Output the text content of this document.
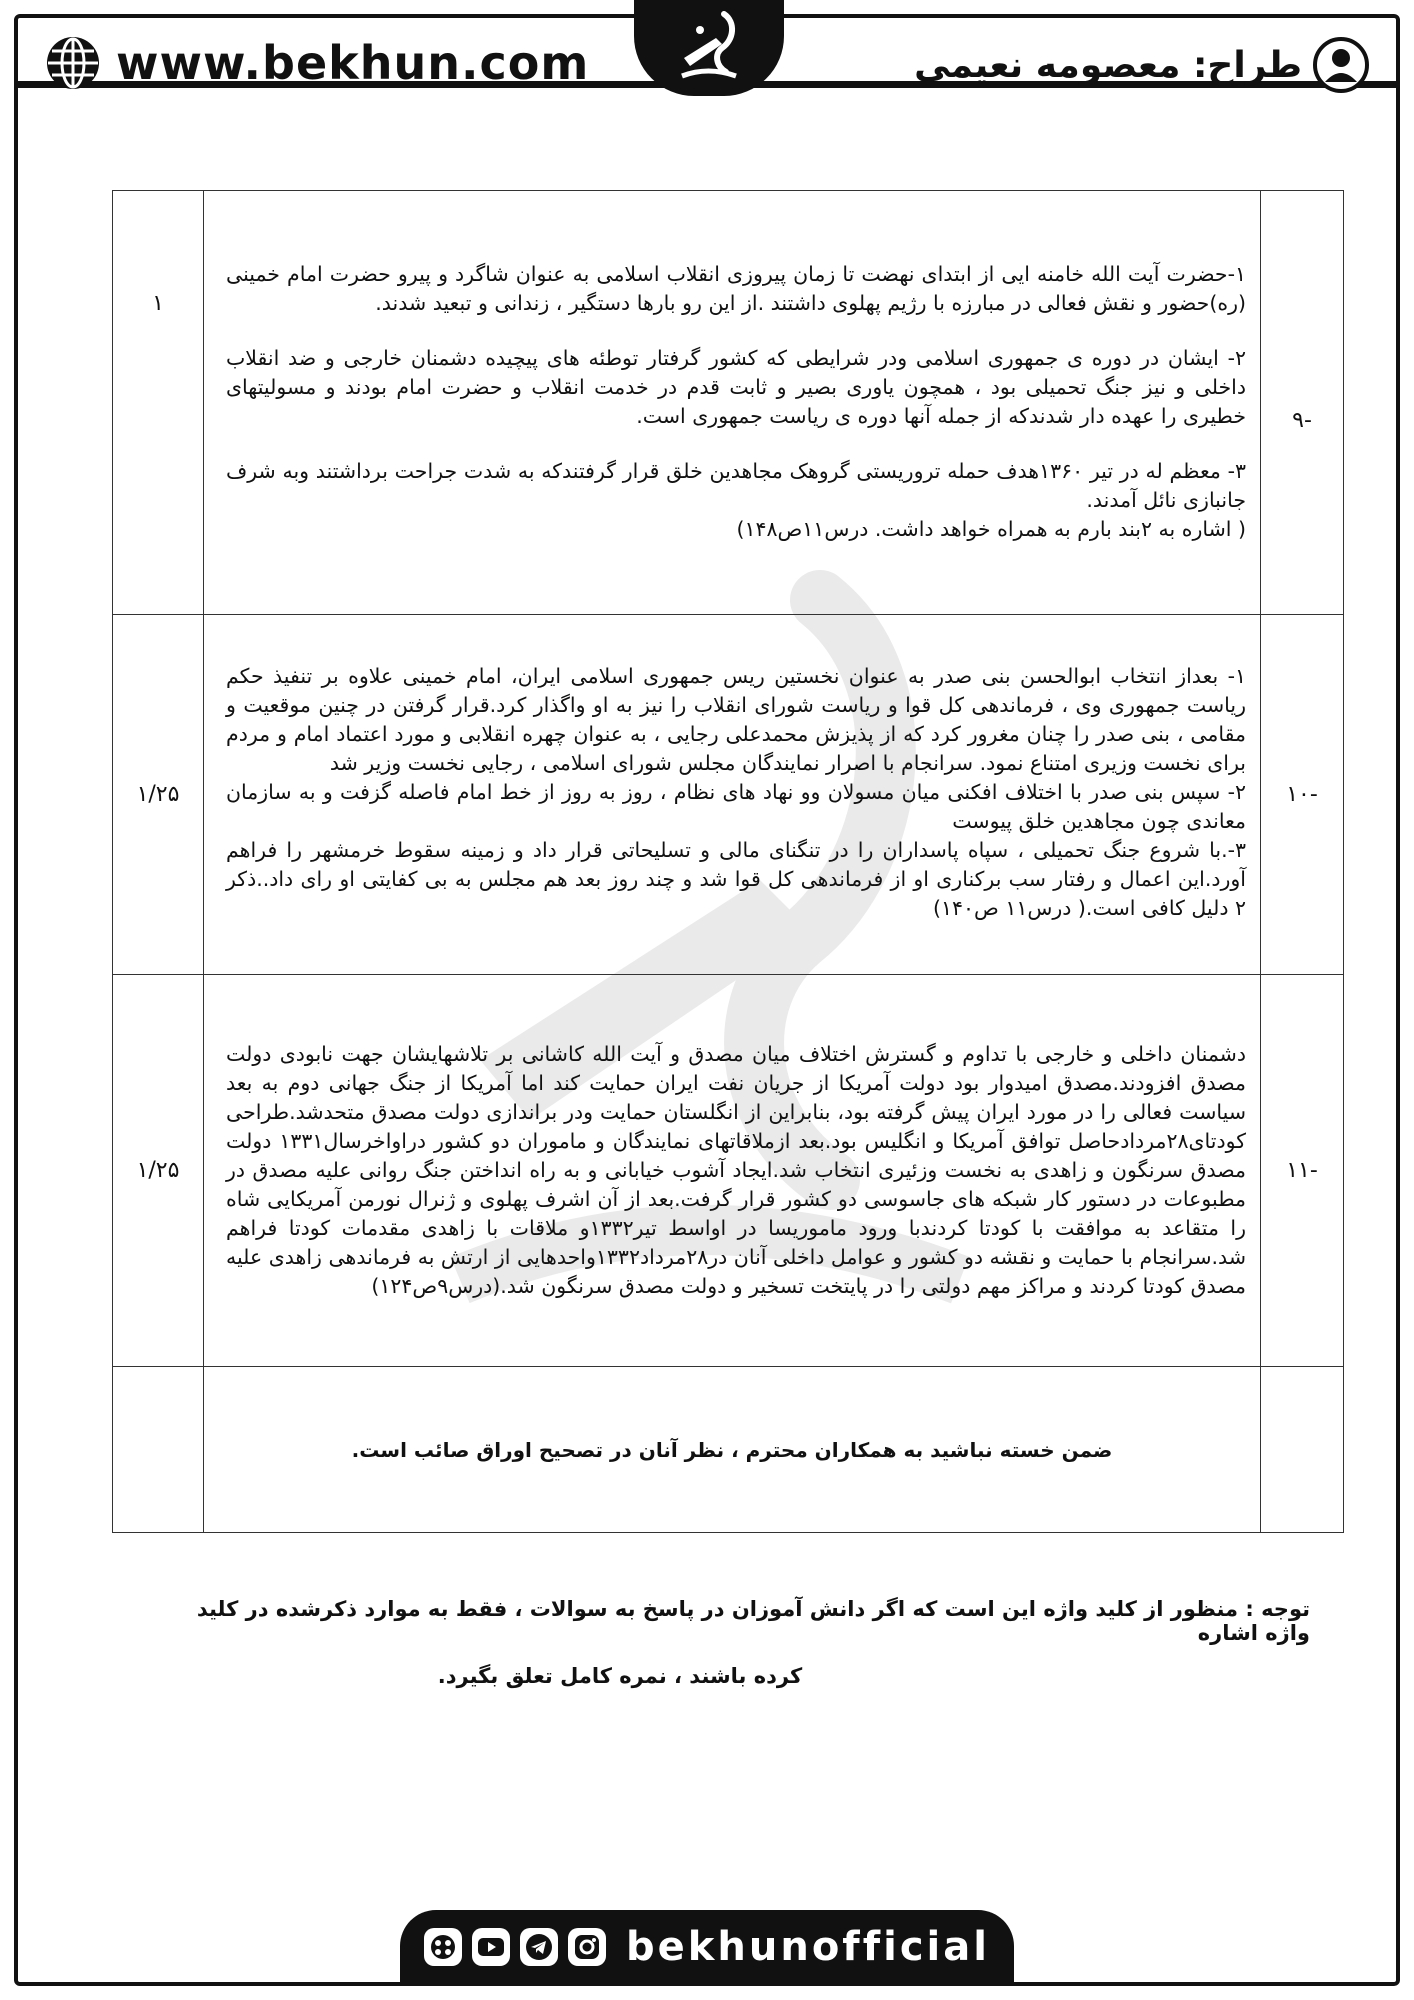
www.bekhun.com	طراح: معصومه نعیمی
-۹	۱-حضرت آیت الله خامنه ایی از ابتدای نهضت تا زمان پیروزی انقلاب اسلامی به عنوان شاگرد و پیرو حضرت امام خمینی (ره)حضور و نقش فعالی در مبارزه با رژیم پهلوی داشتند .از این رو بارها دستگیر ، زندانی و تبعید شدند.

۲- ایشان در دوره ی جمهوری اسلامی ودر شرایطی که کشور گرفتار توطئه های پیچیده دشمنان خارجی و ضد انقلاب داخلی و نیز جنگ تحمیلی بود ، همچون یاوری بصیر و ثابت قدم در خدمت انقلاب و حضرت امام بودند و مسولیتهای خطیری را عهده دار شدندکه از جمله آنها دوره ی ریاست جمهوری است.

۳- معظم له در تیر ۱۳۶۰هدف حمله تروریستی گروهک مجاهدین خلق قرار گرفتندکه به شدت جراحت برداشتند وبه شرف جانبازی نائل آمدند.

( اشاره به ۲بند بارم به همراه خواهد داشت. درس۱۱ص۱۴۸)	۱
-۱۰	۱- بعداز انتخاب ابوالحسن بنی صدر به عنوان نخستین ریس جمهوری اسلامی ایران، امام خمینی علاوه بر تنفیذ حکم ریاست جمهوری وی ، فرماندهی کل قوا و ریاست شورای انقلاب را نیز به او واگذار کرد.قرار گرفتن در چنین موقعیت و مقامی ، بنی صدر را چنان مغرور کرد که از پذیزش محمدعلی رجایی ، به عنوان چهره انقلابی و مورد اعتماد امام و مردم برای نخست وزیری امتناع نمود. سرانجام با اصرار نمایندگان مجلس شورای اسلامی ، رجایی نخست وزیر شد

۲- سپس بنی صدر با اختلاف افکنی میان مسولان وو نهاد های نظام ، روز به روز از خط امام فاصله گزفت و به سازمان معاندی چون مجاهدین خلق پیوست

۳-.با شروع جنگ تحمیلی ، سپاه پاسداران را در تنگنای مالی و تسلیحاتی قرار داد و زمینه سقوط خرمشهر را فراهم آورد.این اعمال و رفتار سب برکناری او از فرماندهی کل قوا شد و چند روز بعد هم مجلس به بی کفایتی او رای داد..ذکر ۲ دلیل کافی است.( درس۱۱ ص۱۴۰)	۱/۲۵
-۱۱	دشمنان داخلی و خارجی با تداوم و گسترش اختلاف میان مصدق و آیت الله کاشانی بر تلاشهایشان جهت نابودی دولت مصدق افزودند.مصدق امیدوار بود دولت آمریکا از جریان نفت ایران حمایت کند اما آمریکا از جنگ جهانی دوم به بعد سیاست فعالی را در مورد ایران پیش گرفته بود، بنابراین از انگلستان حمایت ودر براندازی دولت مصدق متحدشد.طراحی کودتای۲۸مردادحاصل توافق آمریکا و انگلیس بود.بعد ازملاقاتهای نمایندگان و ماموران دو کشور دراواخرسال۱۳۳۱ دولت مصدق سرنگون و زاهدی به نخست وزئیری انتخاب شد.ایجاد آشوب خیابانی و به راه انداختن جنگ روانی علیه مصدق در مطبوعات در دستور کار شبکه های جاسوسی دو کشور قرار گرفت.بعد از آن اشرف پهلوی و ژنرال نورمن آمریکایی شاه را متقاعد به موافقت با کودتا کردندبا ورود ماموریسا در اواسط تیر۱۳۳۲و ملاقات با زاهدی مقدمات کودتا فراهم شد.سرانجام با حمایت و نقشه دو کشور و عوامل داخلی آنان در۲۸مرداد۱۳۳۲واحدهایی از ارتش به فرماندهی زاهدی علیه مصدق کودتا کردند و مراکز مهم دولتی را در پایتخت تسخیر و دولت مصدق سرنگون شد.(درس۹ص۱۲۴)	۱/۲۵
	ضمن خسته نباشید به همکاران محترم ، نظر آنان در تصحیح اوراق صائب است.	
توجه : منظور از کلید واژه این است که اگر دانش آموزان در پاسخ به سوالات ، فقط به موارد ذکرشده در کلید واژه اشاره
کرده باشند ، نمره کامل تعلق بگیرد.
bekhunofficial
